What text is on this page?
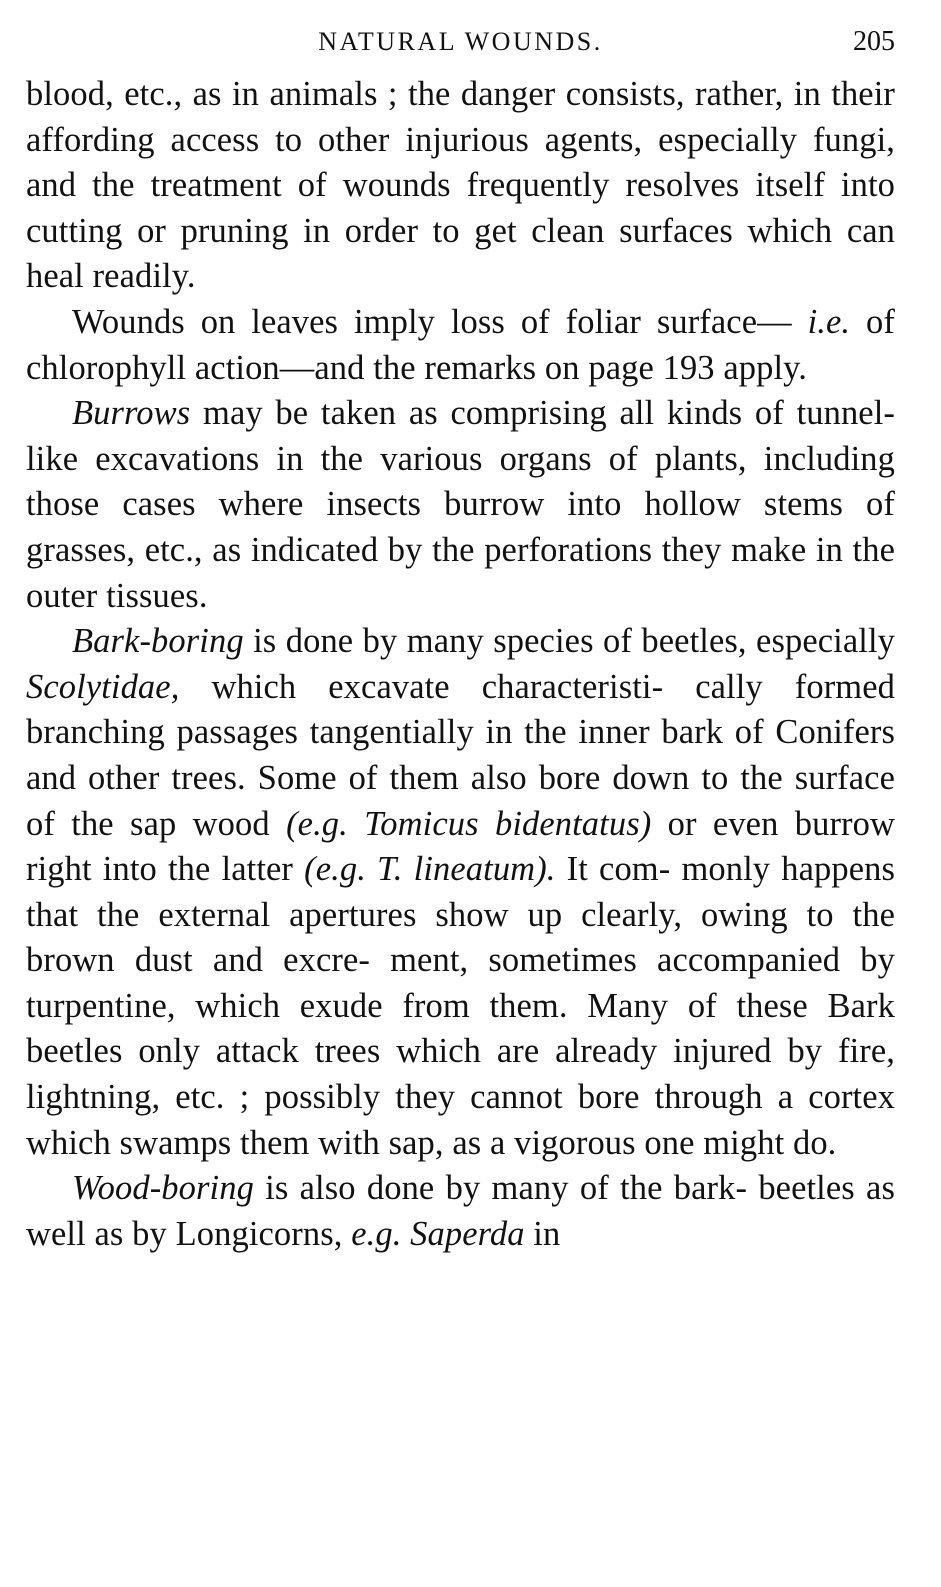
NATURAL WOUNDS.	205

blood, etc., as in animals ; the danger consists, rather, in their affording access to other injurious agents, especially fungi, and the treatment of wounds frequently resolves itself into cutting or pruning in order to get clean surfaces which can heal readily.

Wounds on leaves imply loss of foliar surface— i.e. of chlorophyll action—and the remarks on page 193 apply.

Burrows may be taken as comprising all kinds of tunnel-like excavations in the various organs of plants, including those cases where insects burrow into hollow stems of grasses, etc., as indicated by the perforations they make in the outer tissues.

Bark-boring is done by many species of beetles, especially Scolytidae, which excavate characteristi- cally formed branching passages tangentially in the inner bark of Conifers and other trees. Some of them also bore down to the surface of the sap wood (e.g. Tomicus bidentatus) or even burrow right into the latter (e.g. T. lineatum). It com- monly happens that the external apertures show up clearly, owing to the brown dust and excre- ment, sometimes accompanied by turpentine, which exude from them. Many of these Bark beetles only attack trees which are already injured by fire, lightning, etc. ; possibly they cannot bore through a cortex which swamps them with sap, as a vigorous one might do.

Wood-boring is also done by many of the bark- beetles as well as by Longicorns, e.g. Saperda in
